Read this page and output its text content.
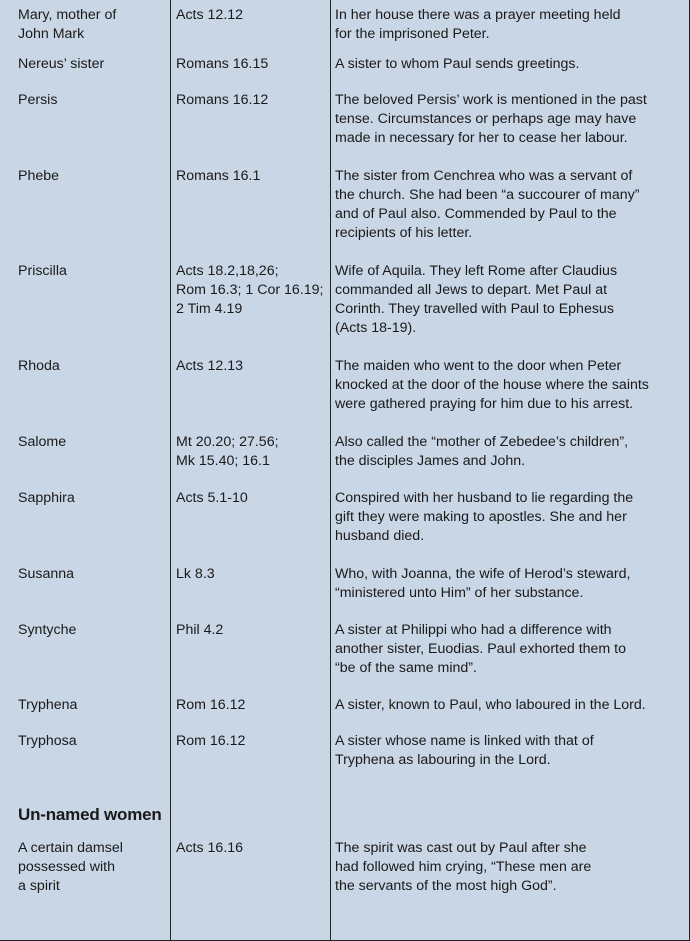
Mary, mother of
John Mark	Acts 12.12	In her house there was a prayer meeting held
for the imprisoned Peter.

Nereus’ sister	Romans 16.15	A sister to whom Paul sends greetings.

Persis	Romans 16.12	The beloved Persis’ work is mentioned in the past
tense. Circumstances or perhaps age may have
made in necessary for her to cease her labour.

Phebe	Romans 16.1	The sister from Cenchrea who was a servant of
the church. She had been “a succourer of many”
and of Paul also. Commended by Paul to the
recipients of his letter.

Priscilla	Acts 18.2,18,26;
Rom 16.3; 1 Cor 16.19;
2 Tim 4.19	Wife of Aquila. They left Rome after Claudius
commanded all Jews to depart. Met Paul at
Corinth. They travelled with Paul to Ephesus
(Acts 18-19).

Rhoda	Acts 12.13	The maiden who went to the door when Peter
knocked at the door of the house where the saints
were gathered praying for him due to his arrest.

Salome	Mt 20.20; 27.56;
Mk 15.40; 16.1	Also called the “mother of Zebedee’s children”,
the disciples James and John.

Sapphira	Acts 5.1-10	Conspired with her husband to lie regarding the
gift they were making to apostles. She and her
husband died.

Susanna	Lk 8.3	Who, with Joanna, the wife of Herod’s steward,
“ministered unto Him” of her substance.

Syntyche	Phil 4.2	A sister at Philippi who had a difference with
another sister, Euodias. Paul exhorted them to
“be of the same mind”.

Tryphena	Rom 16.12	A sister, known to Paul, who laboured in the Lord.

Tryphosa	Rom 16.12	A sister whose name is linked with that of
Tryphena as labouring in the Lord.

Un-named women		

A certain damsel
possessed with
a spirit	Acts 16.16	The spirit was cast out by Paul after she
had followed him crying, “These men are
the servants of the most high God”.
